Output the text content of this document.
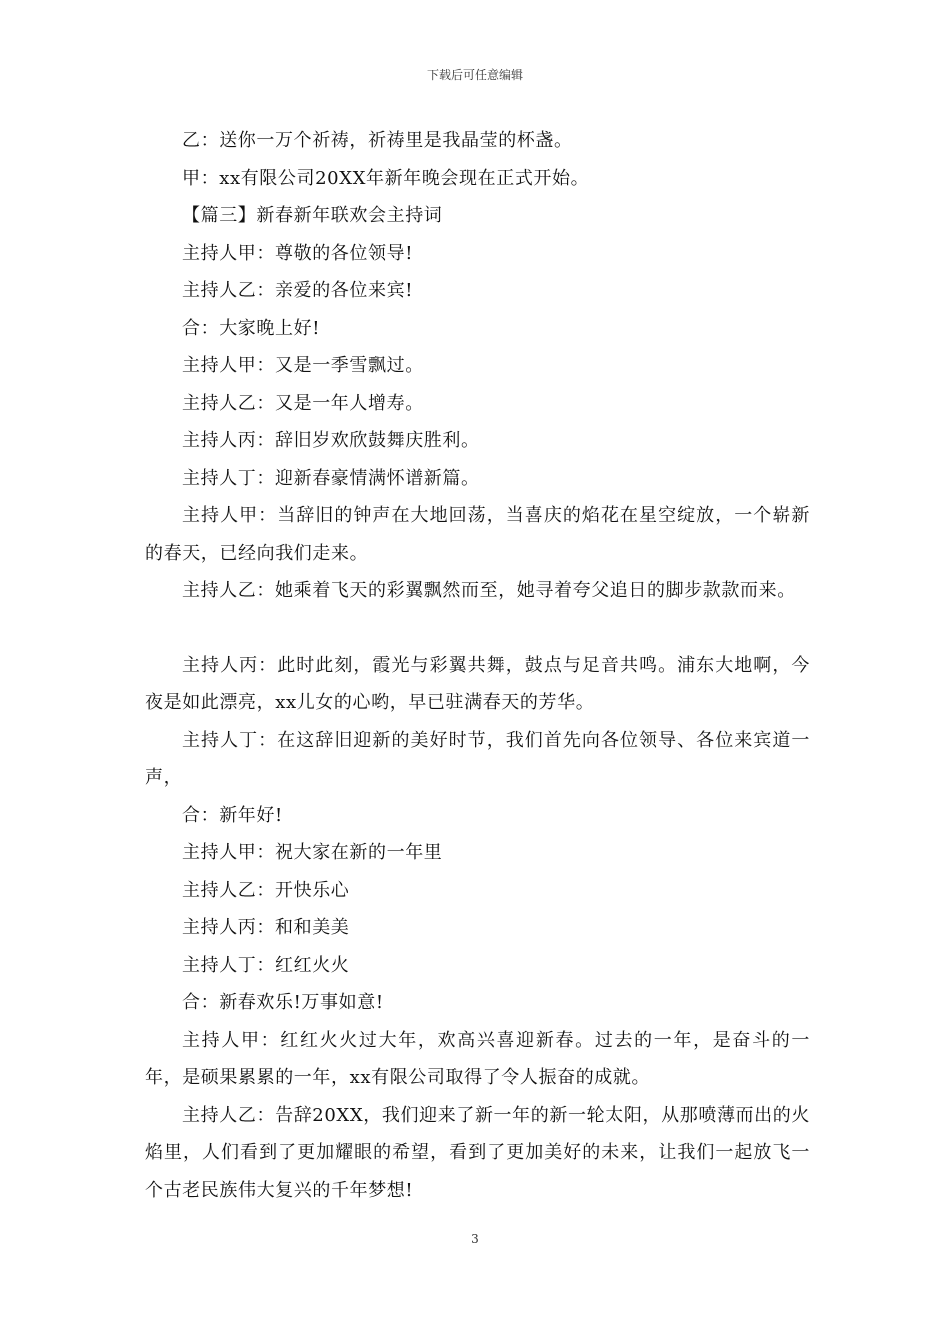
下载后可任意编辑

乙：送你一万个祈祷，祈祷里是我晶莹的杯盏。

甲：xx有限公司20XX年新年晚会现在正式开始。

【篇三】新春新年联欢会主持词

主持人甲：尊敬的各位领导!

主持人乙：亲爱的各位来宾!

合：大家晚上好!

主持人甲：又是一季雪飘过。

主持人乙：又是一年人增寿。

主持人丙：辞旧岁欢欣鼓舞庆胜利。

主持人丁：迎新春豪情满怀谱新篇。

主持人甲：当辞旧的钟声在大地回荡，当喜庆的焰花在星空绽放，一个崭新的春天，已经向我们走来。

主持人乙：她乘着飞天的彩翼飘然而至，她寻着夸父追日的脚步款款而来。

主持人丙：此时此刻，霞光与彩翼共舞，鼓点与足音共鸣。浦东大地啊，今夜是如此漂亮，xx儿女的心哟，早已驻满春天的芳华。

主持人丁：在这辞旧迎新的美好时节，我们首先向各位领导、各位来宾道一声，

合：新年好!

主持人甲：祝大家在新的一年里

主持人乙：开快乐心

主持人丙：和和美美

主持人丁：红红火火

合：新春欢乐!万事如意!

主持人甲：红红火火过大年，欢高兴喜迎新春。过去的一年，是奋斗的一年，是硕果累累的一年，xx有限公司取得了令人振奋的成就。

主持人乙：告辞20XX，我们迎来了新一年的新一轮太阳，从那喷薄而出的火焰里，人们看到了更加耀眼的希望，看到了更加美好的未来，让我们一起放飞一个古老民族伟大复兴的千年梦想!

3
